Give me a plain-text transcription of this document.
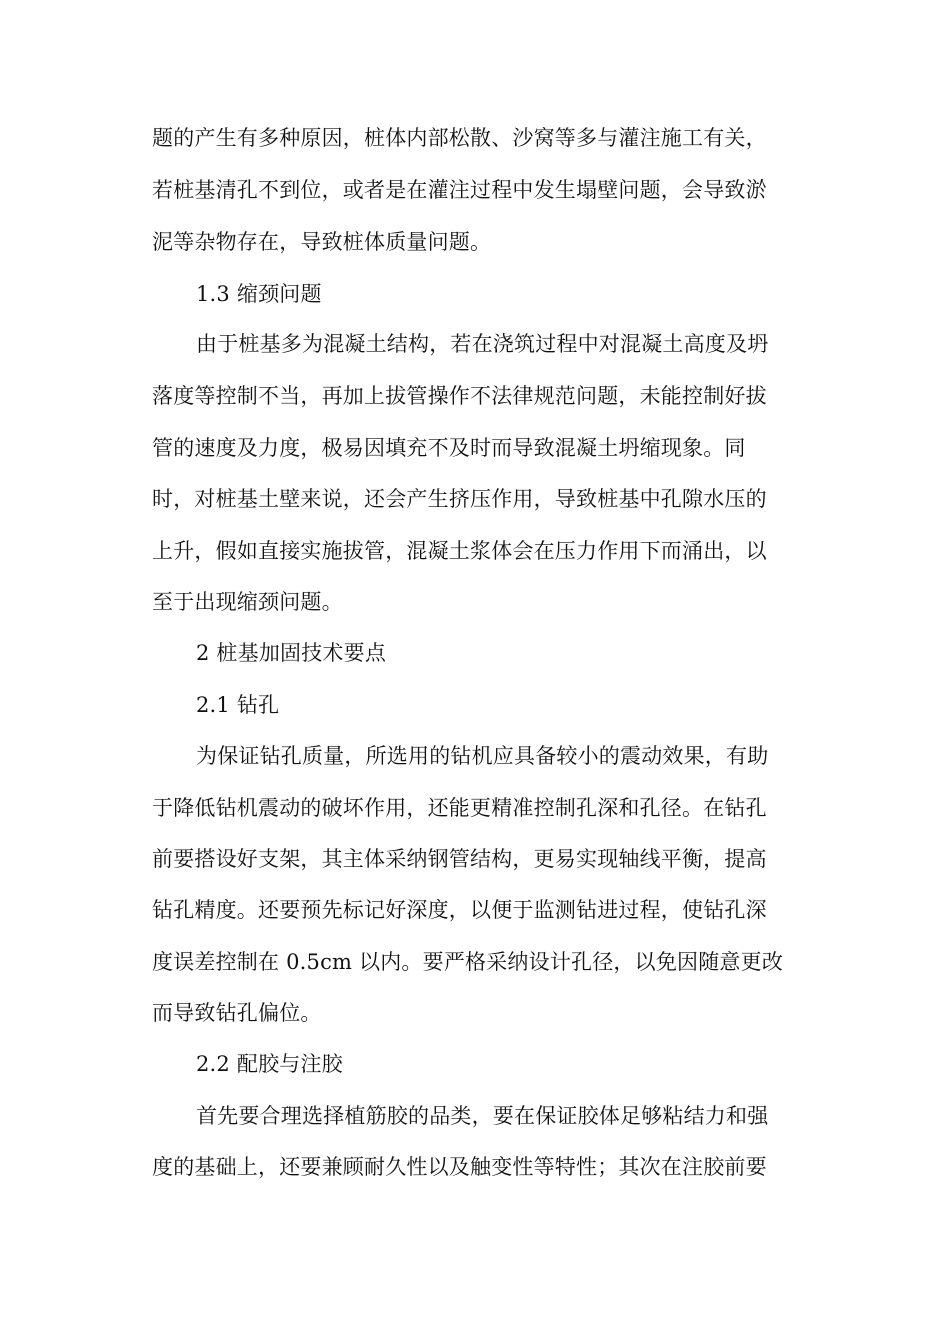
题的产生有多种原因，桩体内部松散、沙窝等多与灌注施工有关，
若桩基清孔不到位，或者是在灌注过程中发生塌壁问题，会导致淤
泥等杂物存在，导致桩体质量问题。
1.3 缩颈问题
由于桩基多为混凝土结构，若在浇筑过程中对混凝土高度及坍
落度等控制不当，再加上拔管操作不法律规范问题，未能控制好拔
管的速度及力度，极易因填充不及时而导致混凝土坍缩现象。同
时，对桩基土壁来说，还会产生挤压作用，导致桩基中孔隙水压的
上升，假如直接实施拔管，混凝土浆体会在压力作用下而涌出，以
至于出现缩颈问题。
2 桩基加固技术要点
2.1 钻孔
为保证钻孔质量，所选用的钻机应具备较小的震动效果，有助
于降低钻机震动的破坏作用，还能更精准控制孔深和孔径。在钻孔
前要搭设好支架，其主体采纳钢管结构，更易实现轴线平衡，提高
钻孔精度。还要预先标记好深度，以便于监测钻进过程，使钻孔深
度误差控制在 0.5cm 以内。要严格采纳设计孔径，以免因随意更改
而导致钻孔偏位。
2.2 配胶与注胶
首先要合理选择植筋胶的品类，要在保证胶体足够粘结力和强
度的基础上，还要兼顾耐久性以及触变性等特性；其次在注胶前要
